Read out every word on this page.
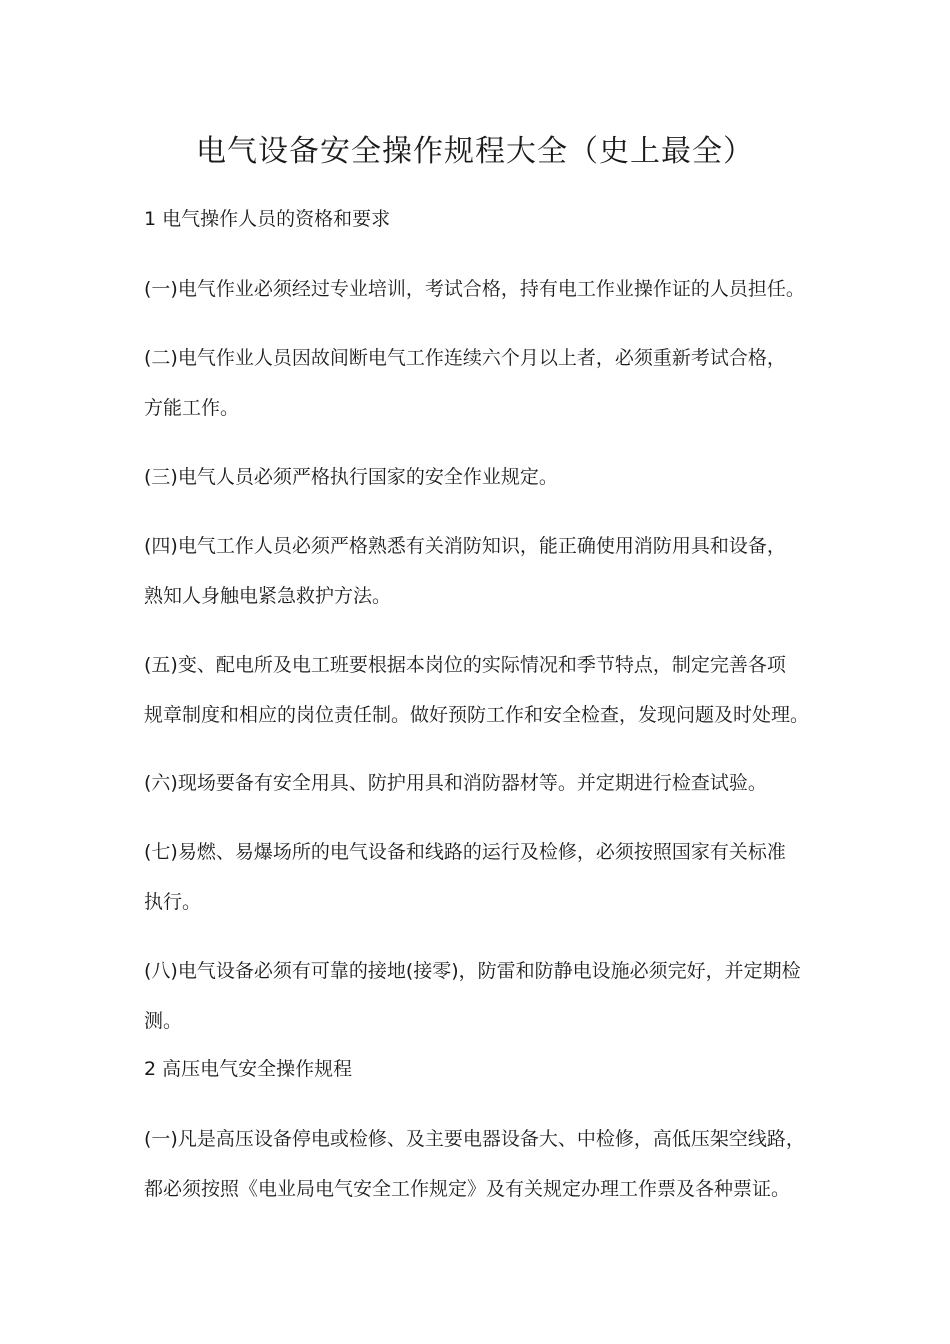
电气设备安全操作规程大全（史上最全）
1 电气操作人员的资格和要求
(一)电气作业必须经过专业培训，考试合格，持有电工作业操作证的人员担任。
(二)电气作业人员因故间断电气工作连续六个月以上者，必须重新考试合格，
方能工作。
(三)电气人员必须严格执行国家的安全作业规定。
(四)电气工作人员必须严格熟悉有关消防知识，能正确使用消防用具和设备，
熟知人身触电紧急救护方法。
(五)变、配电所及电工班要根据本岗位的实际情况和季节特点，制定完善各项
规章制度和相应的岗位责任制。做好预防工作和安全检查，发现问题及时处理。
(六)现场要备有安全用具、防护用具和消防器材等。并定期进行检查试验。
(七)易燃、易爆场所的电气设备和线路的运行及检修，必须按照国家有关标准
执行。
(八)电气设备必须有可靠的接地(接零)，防雷和防静电设施必须完好，并定期检
测。
2 高压电气安全操作规程
(一)凡是高压设备停电或检修、及主要电器设备大、中检修，高低压架空线路，
都必须按照《电业局电气安全工作规定》及有关规定办理工作票及各种票证。
